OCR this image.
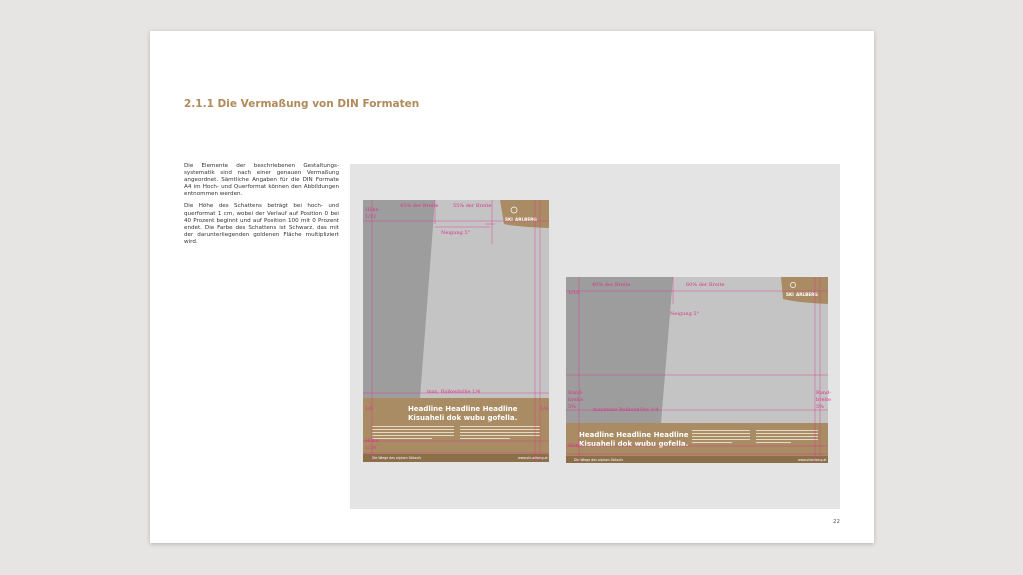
2.1.1 Die Vermaßung von DIN Formaten

Die Elemente der beschriebenen Gestaltungssystematik sind nach einer genauen Vermaßung angeordnet. Sämtliche Angaben für die DIN Formate A4 im Hoch- und Querformat können den Abbildungen entnommen werden.

Die Höhe des Schattens beträgt bei hoch- und querformat 1 cm, wobei der Verlauf auf Position 0 bei 40 Prozent beginnt und auf Position 100 mit 0 Prozent endet. Die Farbe des Schattens ist Schwarz, das mit der darunterliegenden goldenen Fläche multipliziert wird.

SKI ARLBERG
Headline Headline Headline
Kisuaheli dok wubu gofella.
Die Wiege des alpinen Skilaufs	www.ski-arlberg.at
Höhe
1/12
45% der Breite	55% der Breite
Neigung 5°
max. Balkenhöhe 1/4
1/6	1/6
Höhe
1/24
SKI ARLBERG
Headline Headline Headline
Kisuaheli dok wubu gofella.
Die Wiege des alpinen Skilaufs	www.skiarlberg.at
1/15
40% der Breite	60% der Breite
Neigung 5°
Rand-
breite
5%
Rand-
breite
5%
maximale Balkenhöhe 1/4
Höhe
22
